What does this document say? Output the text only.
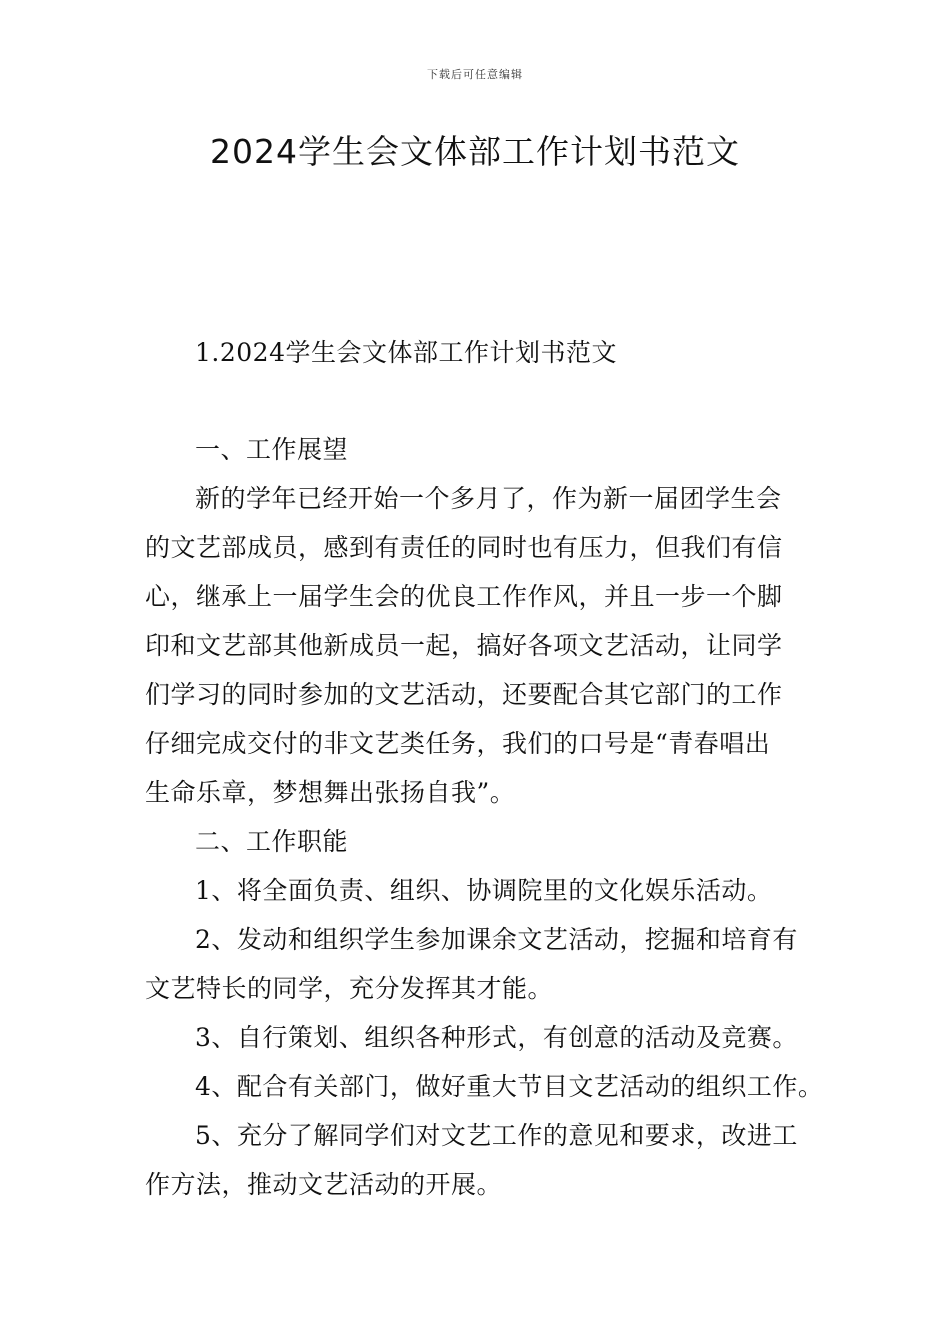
下载后可任意编辑
2024学生会文体部工作计划书范文
1.2024学生会文体部工作计划书范文
一、工作展望
新的学年已经开始一个多月了，作为新一届团学生会
的文艺部成员，感到有责任的同时也有压力，但我们有信
心，继承上一届学生会的优良工作作风，并且一步一个脚
印和文艺部其他新成员一起，搞好各项文艺活动，让同学
们学习的同时参加的文艺活动，还要配合其它部门的工作
仔细完成交付的非文艺类任务，我们的口号是“青春唱出
生命乐章，梦想舞出张扬自我”。
二、工作职能
1、将全面负责、组织、协调院里的文化娱乐活动。
2、发动和组织学生参加课余文艺活动，挖掘和培育有
文艺特长的同学，充分发挥其才能。
3、自行策划、组织各种形式，有创意的活动及竞赛。
4、配合有关部门，做好重大节目文艺活动的组织工作。
5、充分了解同学们对文艺工作的意见和要求，改进工
作方法，推动文艺活动的开展。
